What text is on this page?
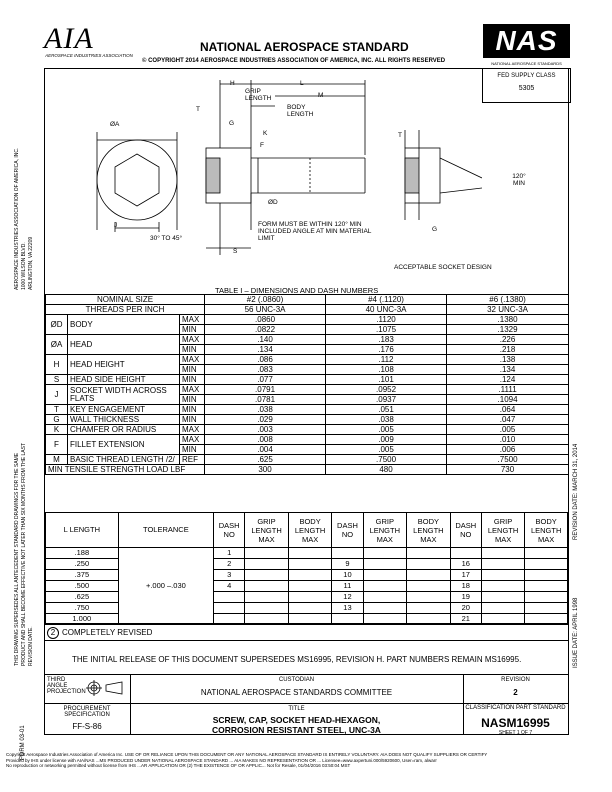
AIA
AEROSPACE INDUSTRIES ASSOCIATION
NATIONAL AEROSPACE STANDARD
© COPYRIGHT 2014 AEROSPACE INDUSTRIES ASSOCIATION OF AMERICA, INC. ALL RIGHTS RESERVED
NAS
NATIONAL AEROSPACE STANDARDS
FED SUPPLY CLASS
5305
AEROSPACE INDUSTRIES ASSOCIATION OF AMERICA, INC. 1000 WILSON BLVD. ARLINGTON, VA 22209
THIS DRAWING SUPERSEDES ALL ANTECEDENT STANDARD DRAWINGS FOR THE SAME PRODUCT AND SHALL BECOME EFFECTIVE NOT LATER THAN SIX MONTHS FROM THE LAST REVISION DATE.
FORM 03-01
REVISION DATE: MARCH 31, 2014
ISSUE DATE: APRIL 1998
H	L
M
GRIP LENGTH
BODY LENGTH
T
G
K
F
J
S
ØD
ØA
30° TO 45°
FORM MUST BE WITHIN 120° MIN INCLUDED ANGLE AT MIN MATERIAL LIMIT
120° MIN
ACCEPTABLE SOCKET DESIGN
T
G
TABLE I – DIMENSIONS AND DASH NUMBERS
NOMINAL SIZE			#2 (.0860)	#4 (.1120)	#6 (.1380)
THREADS PER INCH			56 UNC-3A	40 UNC-3A	32 UNC-3A
ØD	BODY	MAX	.0860	.1120	.1380
		MIN	.0822	.1075	.1329
ØA	HEAD	MAX	.140	.183	.226
		MIN	.134	.176	.218
H	HEAD HEIGHT	MAX	.086	.112	.138
		MIN	.083	.108	.134
S	HEAD SIDE HEIGHT	MIN	.077	.101	.124
J	SOCKET WIDTH ACROSS FLATS	MAX	.0791	.0952	.1111
		MIN	.0781	.0937	.1094
T	KEY ENGAGEMENT	MIN	.038	.051	.064
G	WALL THICKNESS	MIN	.029	.038	.047
K	CHAMFER OR RADIUS	MAX	.003	.005	.005
F	FILLET EXTENSION	MAX	.008	.009	.010
		MIN	.004	.005	.006
M	BASIC THREAD LENGTH /2/	REF	.625	.7500	.7500
MIN TENSILE STRENGTH LOAD LBF			300	480	730
L LENGTH	TOLERANCE	DASH NO	GRIP LENGTH MAX	BODY LENGTH MAX	DASH NO	GRIP LENGTH MAX	BODY LENGTH MAX	DASH NO	GRIP LENGTH MAX	BODY LENGTH MAX
.188	+.000 –.030	1								
.250		2			9			16		
.375		3			10			17		
.500		4			11			18		
.625					12			19		
.750					13			20		
1.000								21		
2 COMPLETELY REVISED
THE INITIAL RELEASE OF THIS DOCUMENT SUPERSEDES MS16995, REVISION H. PART NUMBERS REMAIN MS16995.
THIRD ANGLE PROJECTION
CUSTODIAN
NATIONAL AEROSPACE STANDARDS COMMITTEE
REVISION
2
PROCUREMENT SPECIFICATION
FF-S-86
TITLE
SCREW, CAP, SOCKET HEAD-HEXAGON,
CORROSION RESISTANT STEEL, UNC-3A
CLASSIFICATION PART STANDARD
NASM16995
SHEET 1 OF 7
Copyright Aerospace Industries Association of America Inc. USE OF OR RELIANCE UPON THIS DOCUMENT OR ANY NATIONAL AEROSPACE STANDARD IS ENTIRELY VOLUNTARY. AIA DOES NOT QUALIFY SUPPLIERS OR CERTIFY
Provided by IHS under license with AIA/NAS ...MS PRODUCED UNDER NATIONAL AEROSPACE STANDARD ... AIA MAKES NO REPRESENTATION OR ... Licensee=www.axpertuni.000/5920600, User=ram, alwarr
No reproduction or networking permitted without license from IHS ...AR APPLICATION OR (2) THE EXISTENCE OF OR APPLIC... Not for Resale, 01/04/2016 03:50:04 MST
